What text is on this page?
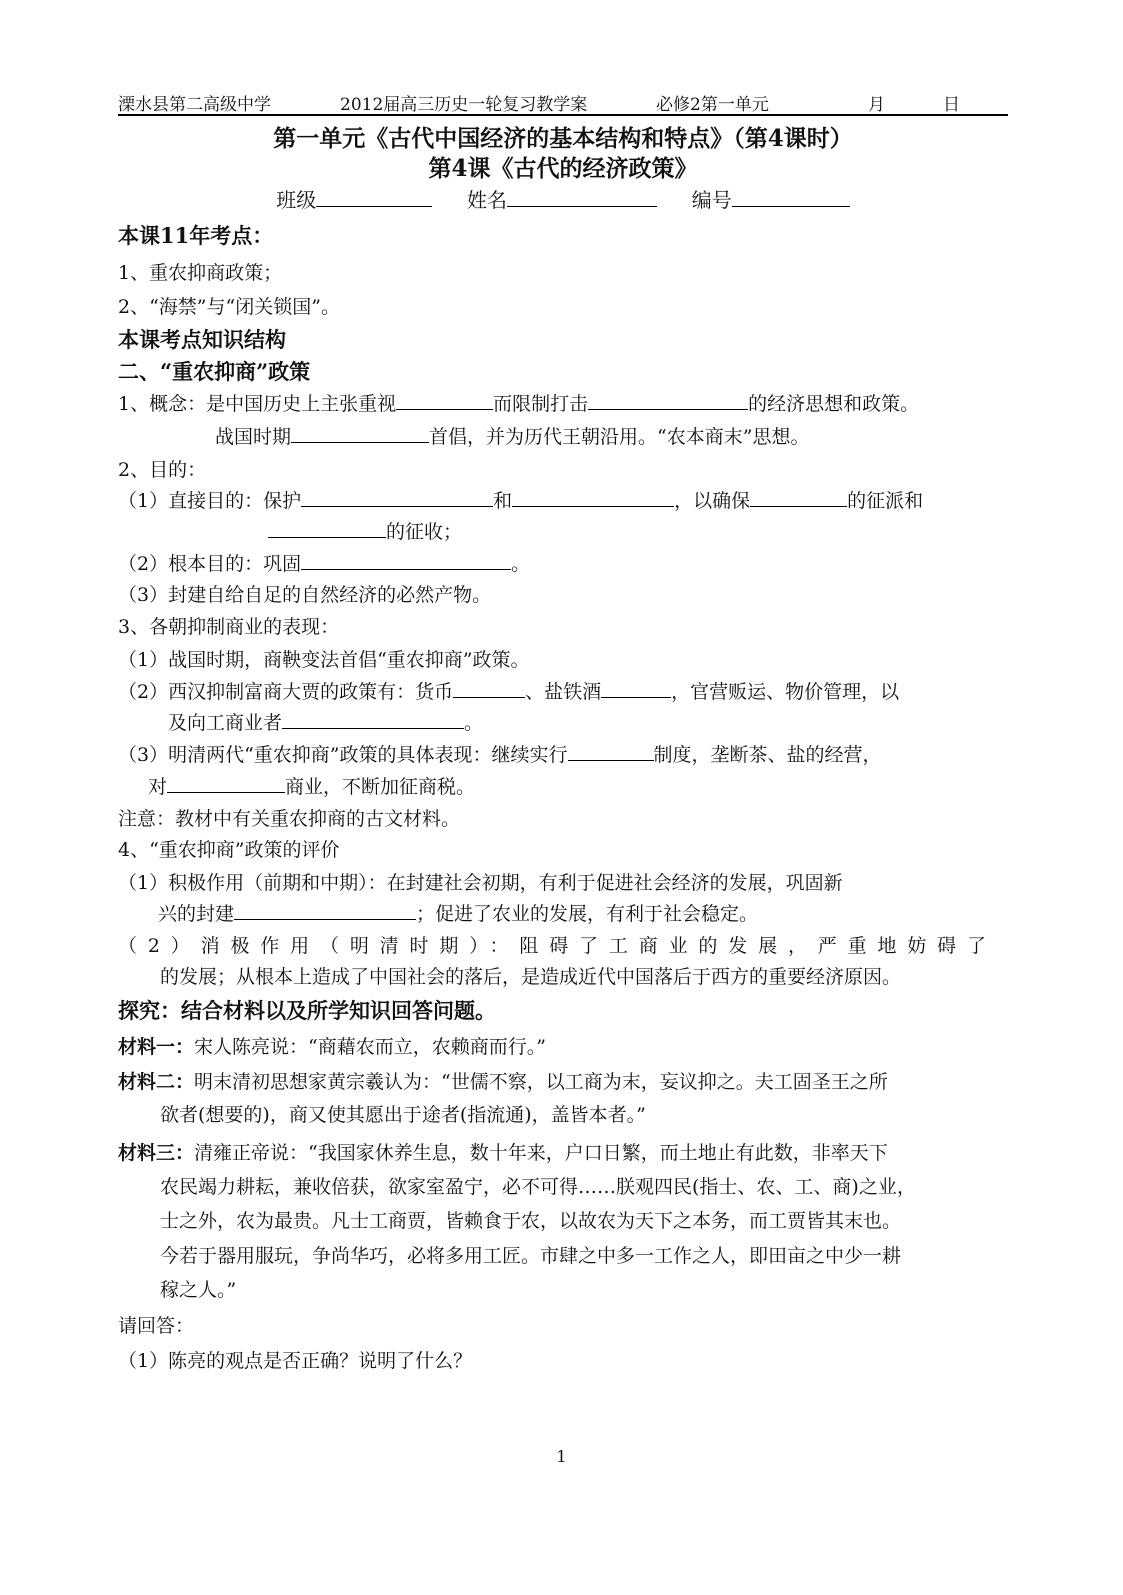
溧水县第二高级中学	2012届高三历史一轮复习教学案	必修2第一单元	月	日
第一单元《古代中国经济的基本结构和特点》（第4课时）
第4课《古代的经济政策》
班级	姓名	编号
本课11年考点：
1、重农抑商政策；
2、“海禁”与“闭关锁国”。
本课考点知识结构
二、“重农抑商”政策
1、概念：是中国历史上主张重视	而限制打击	的经济思想和政策。
战国时期	首倡，并为历代王朝沿用。“农本商末”思想。
2、目的：
（1）直接目的：保护	和	，以确保	的征派和
的征收；
（2）根本目的：巩固	。
（3）封建自给自足的自然经济的必然产物。
3、各朝抑制商业的表现：
（1）战国时期，商鞅变法首倡“重农抑商”政策。
（2）西汉抑制富商大贾的政策有：货币	、盐铁酒	，官营贩运、物价管理，以
及向工商业者	。
（3）明清两代“重农抑商”政策的具体表现：继续实行	制度，垄断茶、盐的经营，
对	商业，不断加征商税。
注意：教材中有关重农抑商的古文材料。
4、“重农抑商”政策的评价
（1）积极作用（前期和中期）：在封建社会初期，有利于促进社会经济的发展，巩固新
兴的封建	；促进了农业的发展，有利于社会稳定。
（2）消极作用（明清时期）：阻碍了工商业的发展，严重地妨碍了
的发展；从根本上造成了中国社会的落后，是造成近代中国落后于西方的重要经济原因。
探究：结合材料以及所学知识回答问题。
材料一：宋人陈亮说：“商藉农而立，农赖商而行。”
材料二：明末清初思想家黄宗羲认为：“世儒不察，以工商为末，妄议抑之。夫工固圣王之所
欲者(想要的)，商又使其愿出于途者(指流通)，盖皆本者。”
材料三：清雍正帝说：“我国家休养生息，数十年来，户口日繁，而土地止有此数，非率天下
农民竭力耕耘，兼收倍获，欲家室盈宁，必不可得……朕观四民(指士、农、工、商)之业，
士之外，农为最贵。凡士工商贾，皆赖食于农，以故农为天下之本务，而工贾皆其末也。
今若于器用服玩，争尚华巧，必将多用工匠。市肆之中多一工作之人，即田亩之中少一耕
稼之人。”
请回答：
（1）陈亮的观点是否正确？说明了什么？
1
